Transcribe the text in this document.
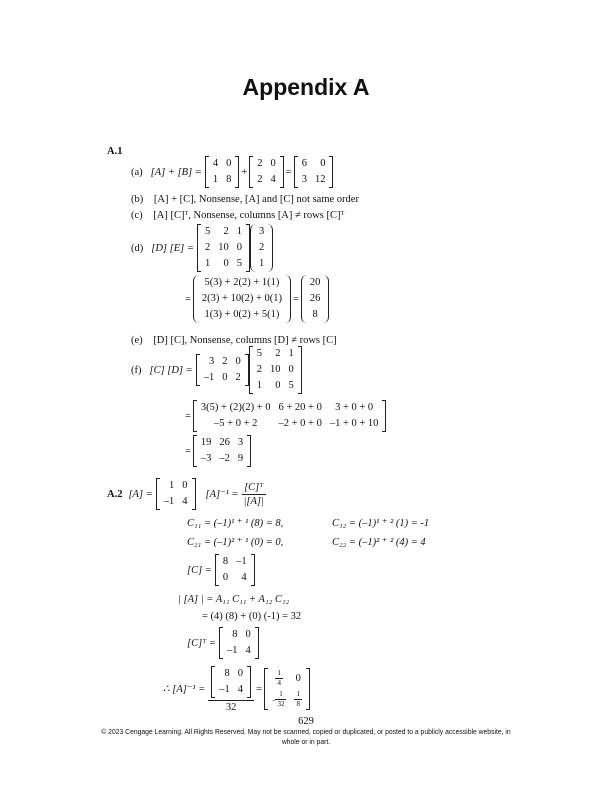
Appendix A
A.1
(a) [A] + [B] =
4	0
1	8
+
2	0
2	4
=
6	0
3	12
(b) [A] + [C], Nonsense, [A] and [C] not same order
(c) [A] [C]ᵀ, Nonsense, columns [A] ≠ rows [C]ᵀ
(d) [D] [E] =
5	2	1
2	10	0
1	0	5
3
2
1
=
5(3) + 2(2) + 1(1)
2(3) + 10(2) + 0(1)
1(3) + 0(2) + 5(1)
=
20
26
8
(e) [D] [C], Nonsense, columns [D] ≠ rows [C]
(f) [C] [D] =
3	2	0
–1	0	2
5	2	1
2	10	0
1	0	5
=
3(5) + (2)(2) + 0	6 + 20 + 0	3 + 0 + 0
–5 + 0 + 2	–2 + 0 + 0	–1 + 0 + 10
=
19	26	3
–3	–2	9
A.2 [A] =
1	0
–1	4
$[A]^{-1} = \frac{\text{[C]ᵀ}}{|[A]|}$
C₁₁ = (–1)¹ ⁺ ¹ (8) = 8,	C₁₂ = (–1)¹ ⁺ ² (1) = -1
C₂₁ = (–1)² ⁺ ¹ (0) = 0,	C₂₂ = (–1)² ⁺ ² (4) = 4
[C] =
8	–1
0	4
| [A] | = A₁₁ C₁₁ + A₁₂ C₁₂
= (4) (8) + (0) (-1) = 32
[C]ᵀ =
8	0
–1	4
∴ [A]⁻¹ = 8	0
–1	4
32 =
$\frac{1}{4}$	0
– $\frac{1}{32}$	$\frac{1}{8}$
629
© 2023 Cengage Learning. All Rights Reserved. May not be scanned, copied or duplicated, or posted to a publicly accessible website, in
whole or in part.
